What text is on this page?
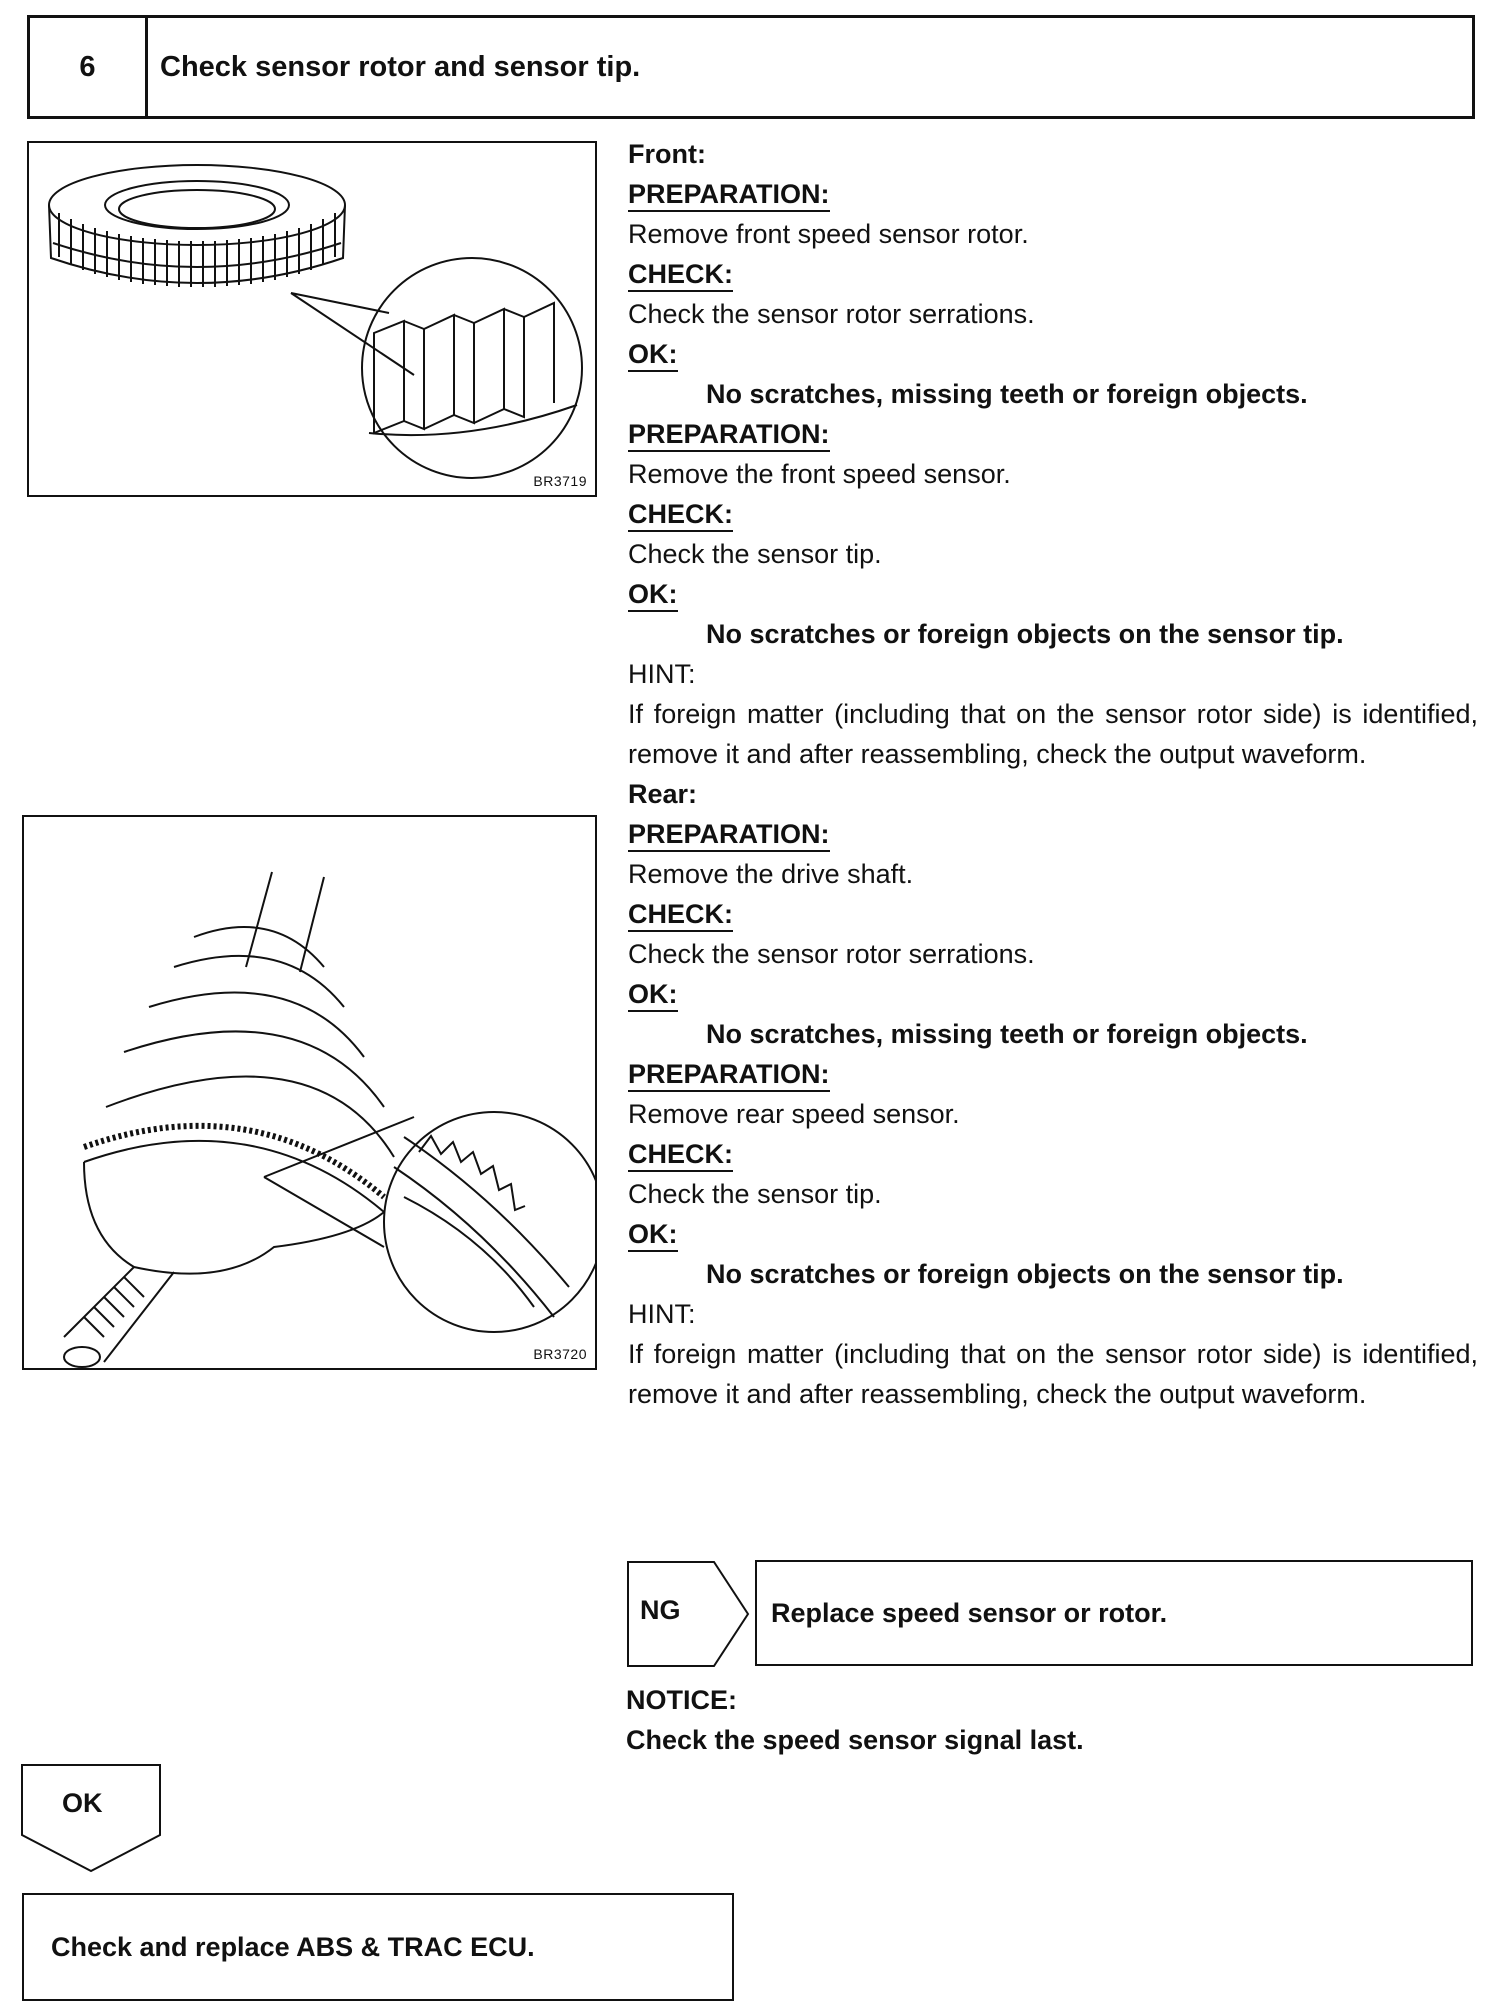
6	Check sensor rotor and sensor tip.
BR3719
BR3720
Front:
PREPARATION:
Remove front speed sensor rotor.
CHECK:
Check the sensor rotor serrations.
OK:
No scratches, missing teeth or foreign objects.
PREPARATION:
Remove the front speed sensor.
CHECK:
Check the sensor tip.
OK:
No scratches or foreign objects on the sensor tip.
HINT:
If foreign matter (including that on the sensor rotor side) is identified, remove it and after reassembling, check the output waveform.
Rear:
PREPARATION:
Remove the drive shaft.
CHECK:
Check the sensor rotor serrations.
OK:
No scratches, missing teeth or foreign objects.
PREPARATION:
Remove rear speed sensor.
CHECK:
Check the sensor tip.
OK:
No scratches or foreign objects on the sensor tip.
HINT:
If foreign matter (including that on the sensor rotor side) is identified, remove it and after reassembling, check the output waveform.
NG	Replace speed sensor or rotor.
NOTICE:
Check the speed sensor signal last.
OK
Check and replace ABS & TRAC ECU.
